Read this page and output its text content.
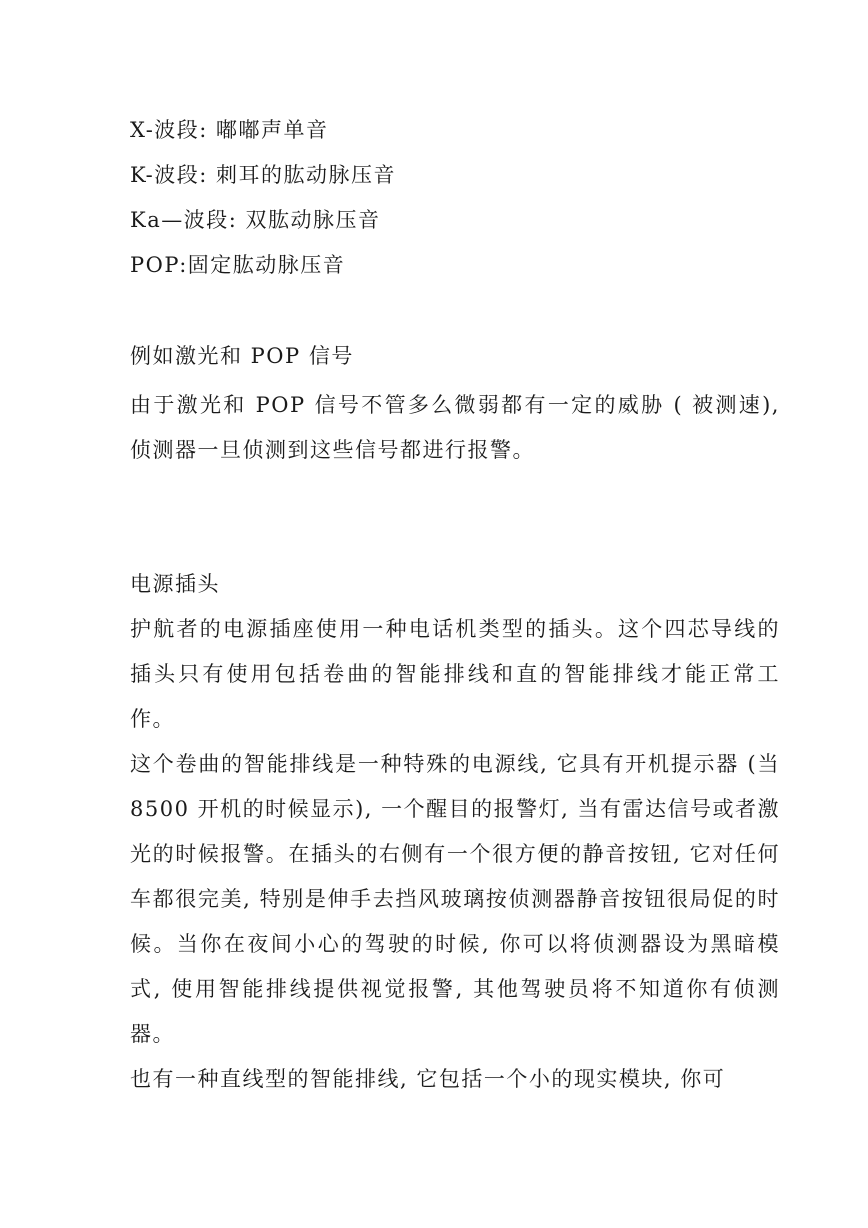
X-波段: 嘟嘟声单音
K-波段: 刺耳的肱动脉压音
Ka—波段: 双肱动脉压音
POP:固定肱动脉压音
例如激光和 POP 信号
由于激光和 POP 信号不管多么微弱都有一定的威胁 ( 被测速), 侦测器一旦侦测到这些信号都进行报警。
电源插头
护航者的电源插座使用一种电话机类型的插头。这个四芯导线的插头只有使用包括卷曲的智能排线和直的智能排线才能正常工作。
这个卷曲的智能排线是一种特殊的电源线, 它具有开机提示器 (当 8500 开机的时候显示), 一个醒目的报警灯, 当有雷达信号或者激光的时候报警。在插头的右侧有一个很方便的静音按钮, 它对任何车都很完美, 特别是伸手去挡风玻璃按侦测器静音按钮很局促的时候。当你在夜间小心的驾驶的时候, 你可以将侦测器设为黑暗模式, 使用智能排线提供视觉报警, 其他驾驶员将不知道你有侦测器。
也有一种直线型的智能排线, 它包括一个小的现实模块, 你可
